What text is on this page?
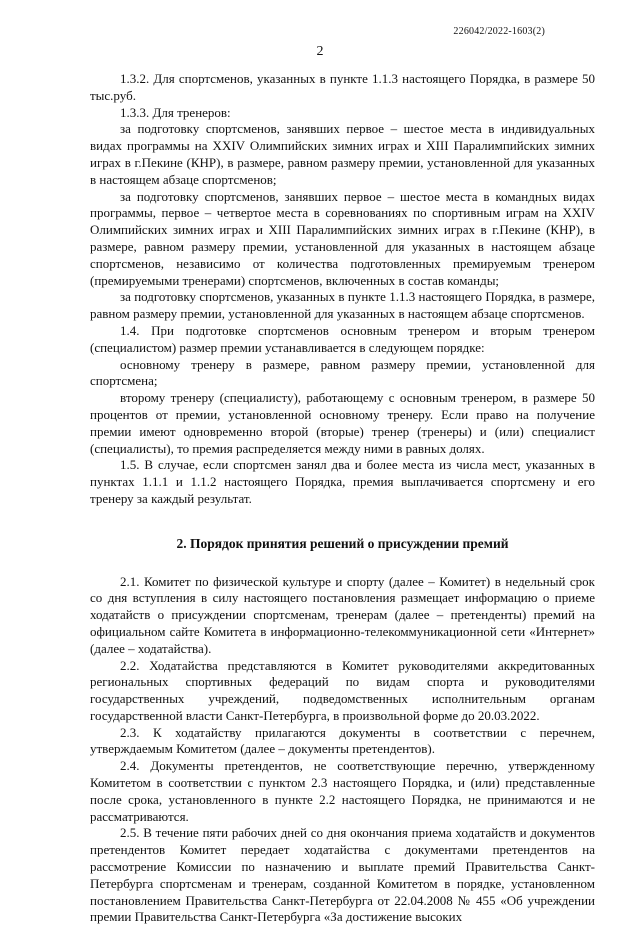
226042/2022-1603(2)
2

1.3.2. Для спортсменов, указанных в пункте 1.1.3 настоящего Порядка, в размере 50 тыс.руб.

1.3.3. Для тренеров:

за подготовку спортсменов, занявших первое – шестое места в индивидуальных видах программы на XXIV Олимпийских зимних играх и XIII Паралимпийских зимних играх в г.Пекине (КНР), в размере, равном размеру премии, установленной для указанных в настоящем абзаце спортсменов;

за подготовку спортсменов, занявших первое – шестое места в командных видах программы, первое – четвертое места в соревнованиях по спортивным играм на XXIV Олимпийских зимних играх и XIII Паралимпийских зимних играх в г.Пекине (КНР), в размере, равном размеру премии, установленной для указанных в настоящем абзаце спортсменов, независимо от количества подготовленных премируемым тренером (премируемыми тренерами) спортсменов, включенных в состав команды;

за подготовку спортсменов, указанных в пункте 1.1.3 настоящего Порядка, в размере, равном размеру премии, установленной для указанных в настоящем абзаце спортсменов.

1.4. При подготовке спортсменов основным тренером и вторым тренером (специалистом) размер премии устанавливается в следующем порядке:

основному тренеру в размере, равном размеру премии, установленной для спортсмена;

второму тренеру (специалисту), работающему с основным тренером, в размере 50 процентов от премии, установленной основному тренеру. Если право на получение премии имеют одновременно второй (вторые) тренер (тренеры) и (или) специалист (специалисты), то премия распределяется между ними в равных долях.

1.5. В случае, если спортсмен занял два и более места из числа мест, указанных в пунктах 1.1.1 и 1.1.2 настоящего Порядка, премия выплачивается спортсмену и его тренеру за каждый результат.

2. Порядок принятия решений о присуждении премий

2.1. Комитет по физической культуре и спорту (далее – Комитет) в недельный срок со дня вступления в силу настоящего постановления размещает информацию о приеме ходатайств о присуждении спортсменам, тренерам (далее – претенденты) премий на официальном сайте Комитета в информационно-телекоммуникационной сети «Интернет» (далее – ходатайства).

2.2. Ходатайства представляются в Комитет руководителями аккредитованных региональных спортивных федераций по видам спорта и руководителями государственных учреждений, подведомственных исполнительным органам государственной власти Санкт-Петербурга, в произвольной форме до 20.03.2022.

2.3. К ходатайству прилагаются документы в соответствии с перечнем, утверждаемым Комитетом (далее – документы претендентов).

2.4. Документы претендентов, не соответствующие перечню, утвержденному Комитетом в соответствии с пунктом 2.3 настоящего Порядка, и (или) представленные после срока, установленного в пункте 2.2 настоящего Порядка, не принимаются и не рассматриваются.

2.5. В течение пяти рабочих дней со дня окончания приема ходатайств и документов претендентов Комитет передает ходатайства с документами претендентов на рассмотрение Комиссии по назначению и выплате премий Правительства Санкт-Петербурга спортсменам и тренерам, созданной Комитетом в порядке, установленном постановлением Правительства Санкт-Петербурга от 22.04.2008 № 455 «Об учреждении премии Правительства Санкт-Петербурга «За достижение высоких
